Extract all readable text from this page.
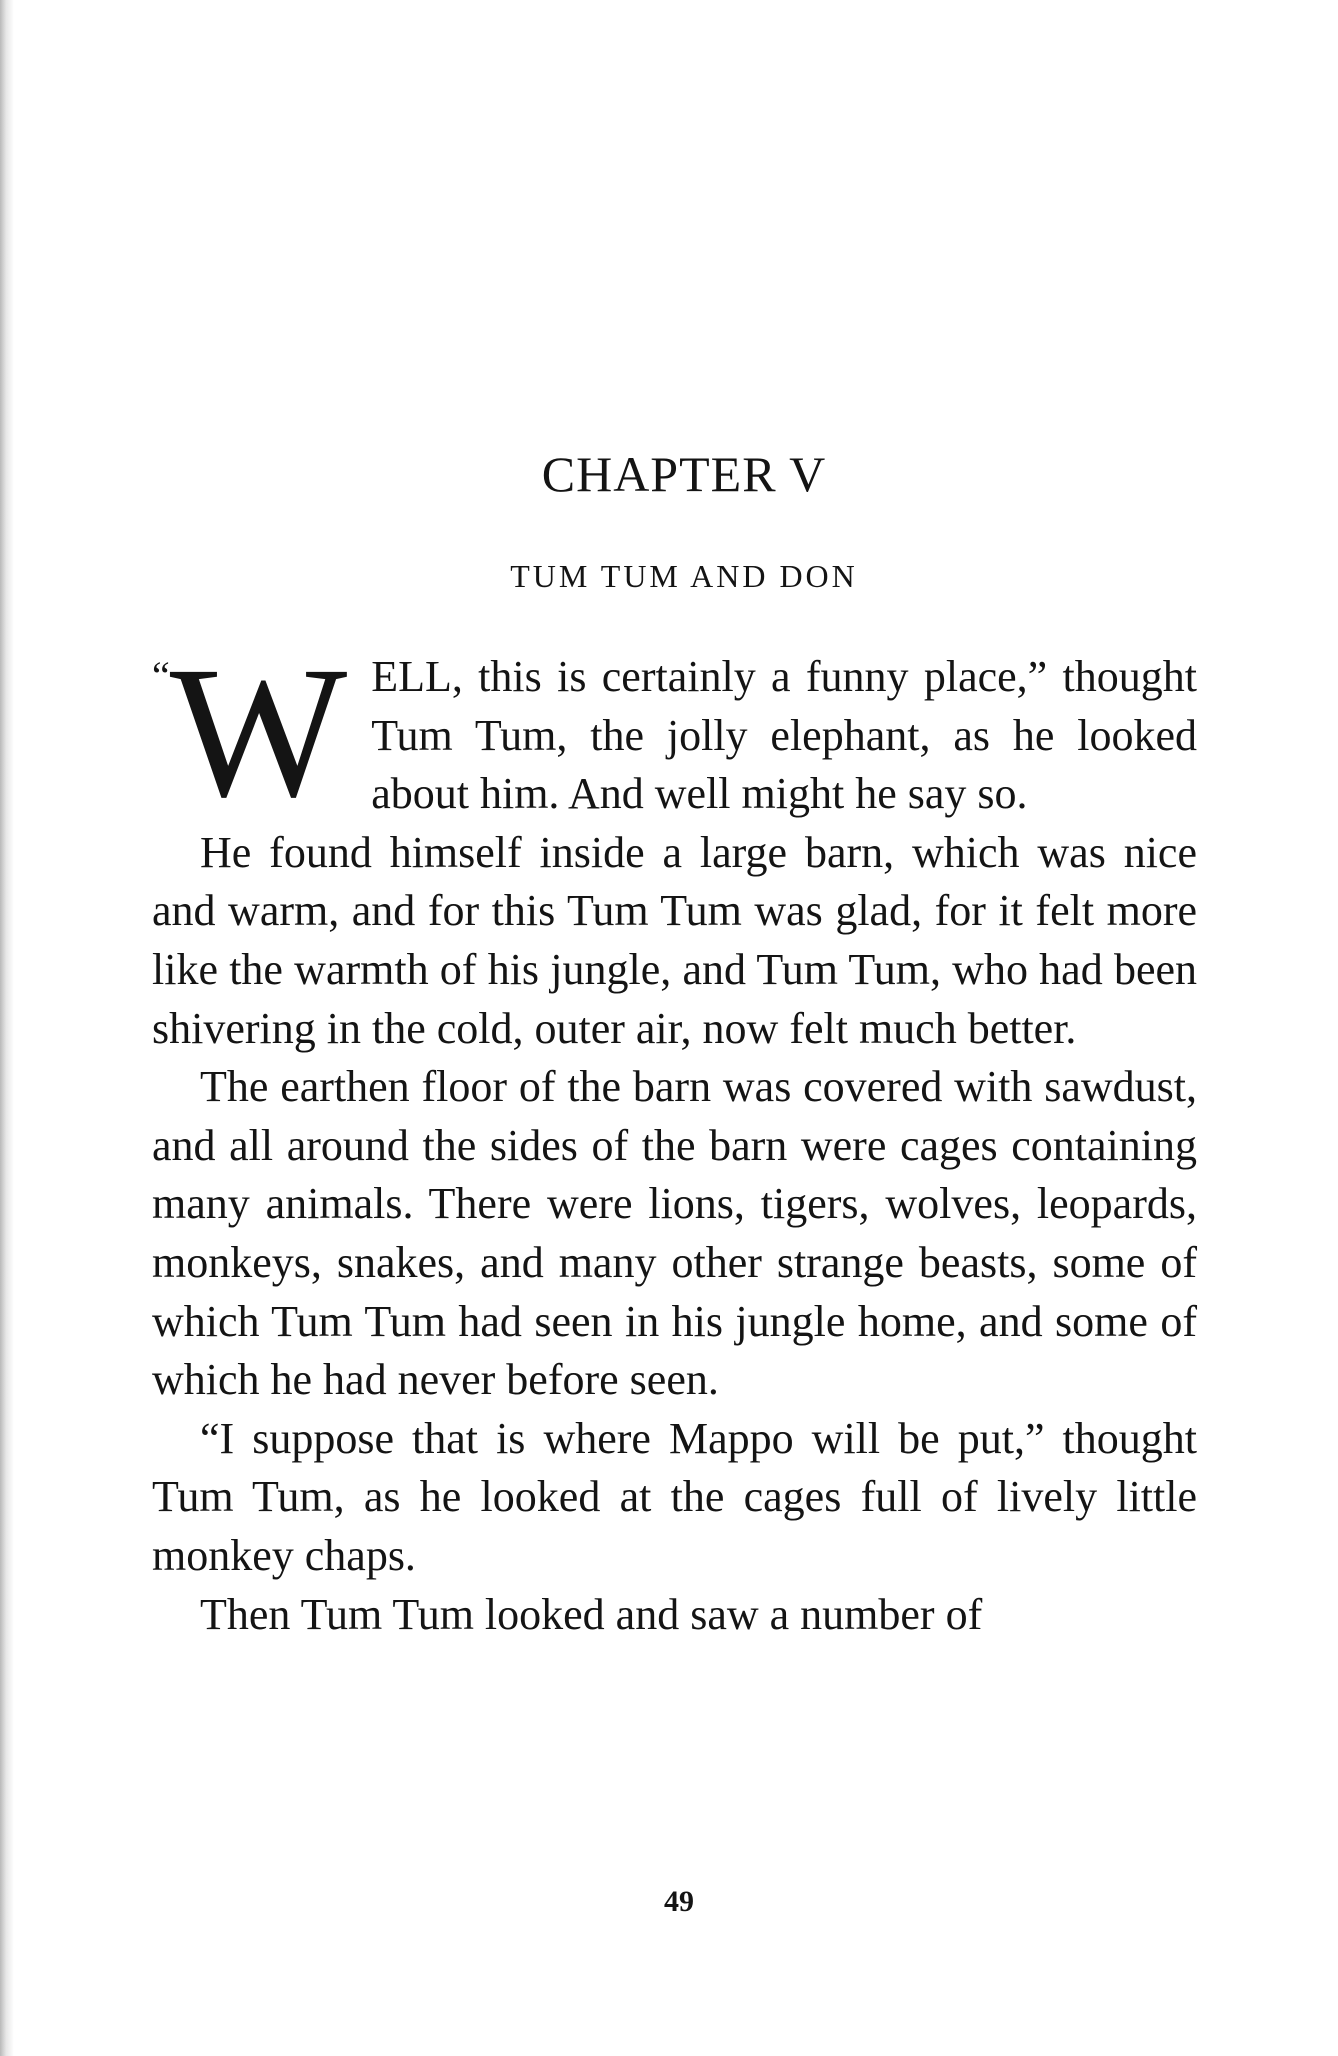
CHAPTER V
TUM TUM AND DON

“ W ELL, this is certainly a funny place,” thought Tum Tum, the jolly elephant, as he looked about him. And well might he say so.

He found himself inside a large barn, which was nice and warm, and for this Tum Tum was glad, for it felt more like the warmth of his jungle, and Tum Tum, who had been shivering in the cold, outer air, now felt much better.

The earthen floor of the barn was covered with sawdust, and all around the sides of the barn were cages containing many animals. There were lions, tigers, wolves, leopards, monkeys, snakes, and many other strange beasts, some of which Tum Tum had seen in his jungle home, and some of which he had never before seen.

“I suppose that is where Mappo will be put,” thought Tum Tum, as he looked at the cages full of lively little monkey chaps.

Then Tum Tum looked and saw a number of

49
